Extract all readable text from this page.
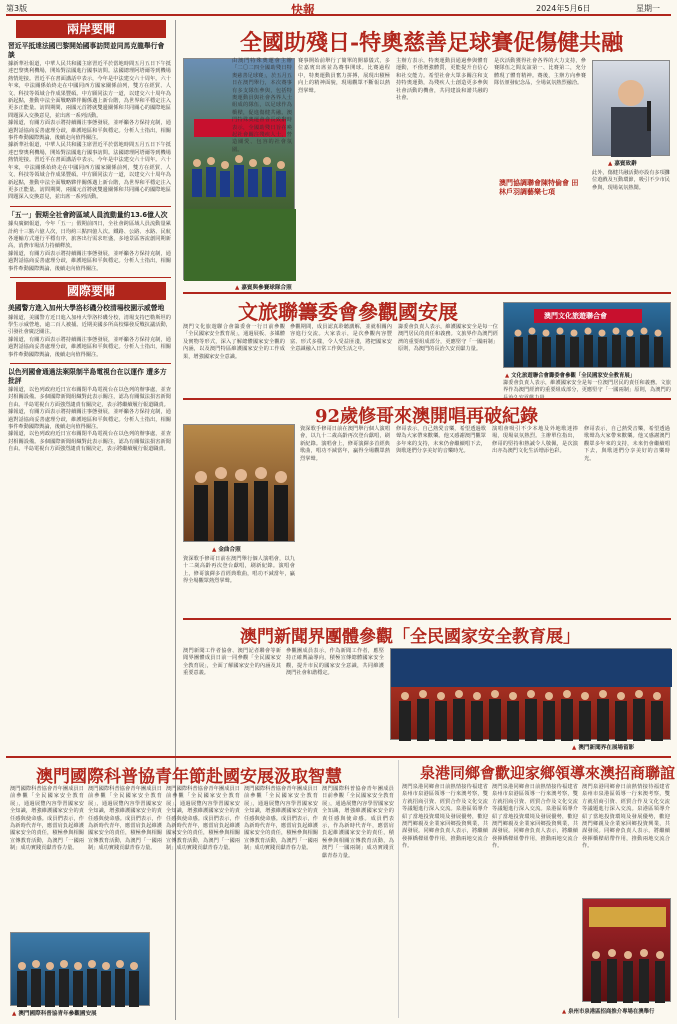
第3版	快報	2024年5月6日	星期一
兩岸要聞
習近平抵達法國巴黎開始國事訪問並同馬克龍舉行會談
據新華社報道，中華人民共和國主席習近平於當地時間五月五日下午抵達巴黎奧利機場，開始對法國進行國事訪問。法國總理阿塔爾等到機場熱情迎接。習近平在書面講話中表示，今年是中法建交六十周年。六十年來，中法關係始終走在中國同西方國家關係前列，雙方在經貿、人文、科技等領域合作成果豐碩。中方願同法方一道，以建交六十周年為新起點，推動中法全面戰略夥伴關係邁上新台階，為世界和平穩定注入更多正能量。訪問期間，兩國元首將就雙邊關係和共同關心的國際地區問題深入交換意見，並出席一系列活動。
據報道，有關方面表示將持續關注事態發展，並呼籲各方保持克制，通過對話協商妥善處理分歧，維護地區和平與穩定。分析人士指出，相關事件牽動國際輿論，後續走向值得關注。
據新華社報道，中華人民共和國主席習近平於當地時間五月五日下午抵達巴黎奧利機場，開始對法國進行國事訪問。法國總理阿塔爾等到機場熱情迎接。習近平在書面講話中表示，今年是中法建交六十周年。六十年來，中法關係始終走在中國同西方國家關係前列，雙方在經貿、人文、科技等領域合作成果豐碩。中方願同法方一道，以建交六十周年為新起點，推動中法全面戰略夥伴關係邁上新台階，為世界和平穩定注入更多正能量。訪問期間，兩國元首將就雙邊關係和共同關心的國際地區問題深入交換意見，並出席一系列活動。
「五一」假期全社會跨區域人員流動量約13.6億人次
據央廣網報道，今年「五一」假期前四日，全社會跨區域人員流動量累計約十三點六億人次，日均約三點四億人次。鐵路、公路、水路、民航各運輸方式運行平穩有序，旅客出行需求旺盛，多地景區客流創同期新高，消費市場活力持續釋放。
據報道，有關方面表示將持續關注事態發展，並呼籲各方保持克制，通過對話協商妥善處理分歧，維護地區和平與穩定。分析人士指出，相關事件牽動國際輿論，後續走向值得關注。
國際要聞
美國警方進入加州大學洛杉磯分校清場校園示威營地
據報道，美國警方近日進入加州大學洛杉磯分校，清場支持巴勒斯坦的學生示威營地，逾二百人被捕。近期美國多所高校爆發反戰抗議活動，引發社會廣泛關注。
據報道，有關方面表示將持續關注事態發展，並呼籲各方保持克制，通過對話協商妥善處理分歧，維護地區和平與穩定。分析人士指出，相關事件牽動國際輿論，後續走向值得關注。
以色列國會通過法案限制半島電視台在以運作 遭多方批評
據報道，以色列政府近日宣布關閉半島電視台在以色列的辦事處，並查封相關設備。多個國際新聞組織對此表示關注，認為有關做法損害新聞自由。半島電視台方面強烈譴責有關決定，表示將繼續履行報道職責。
據報道，有關方面表示將持續關注事態發展，並呼籲各方保持克制，通過對話協商妥善處理分歧，維護地區和平與穩定。分析人士指出，相關事件牽動國際輿論，後續走向值得關注。
據報道，以色列政府近日宣布關閉半島電視台在以色列的辦事處，並查封相關設備。多個國際新聞組織對此表示關注，認為有關做法損害新聞自由。半島電視台方面強烈譴責有關決定，表示將繼續履行報道職責。
全國助殘日-特奧慈善足球賽促傷健共融
▲ 嘉賓與參賽球隊合照
由澳門特殊奧運會主辦「二〇二四全國助殘日特奧慈善足球賽」，於五月五日在澳門舉行，本次賽事有多支隊伍參與，包括特奧運動員與社會各界人士組成的隊伍，以足球作為橋樑，促進傷健共融。澳門特殊奧運會會長致辭時表示，全國助殘日旨在喚起社會關注殘疾人士，營造關愛、包容的社會氛圍。
賽事開始前舉行了簡單的開幕儀式，多位嘉賓出席並為賽事開球。比賽過程中，特奧運動員奮力拼搏，展現出積極向上的精神面貌，現場觀眾不斷報以熱烈掌聲。
主辦方表示，特奧運動員通過參與體育運動，不僅增強體質，更能提升自信心和社交能力。希望社會大眾多關注和支持特奧運動，為殘疾人士創造更多參與社會活動的機會，共同建設和諧共融的社會。
是次活動獲得社會各界的大力支持，參賽隊伍之間友誼第一、比賽第二，充分體現了體育精神。賽後，主辦方向參賽隊伍頒發紀念品，全場氣氛熱烈融洽。
▲ 嘉賓致辭
澳門協調聯會陳特倫會 田林戶羽調藝樂七項
此外，傷健共融活動亦設有多項攤位遊戲及互動環節，吸引不少市民參與，現場氣氛熱鬧。
文旅聯籌委會參觀國安展
澳門文化旅遊聯合會籌委會一行日前參觀「全民國家安全教育展」，通過展板、多媒體及實物等形式，深入了解總體國家安全觀的內涵，以及澳門特區維護國家安全的工作成果，增強國家安全意識。
參觀期間，成員認真聆聽講解，並就相關內容進行交流。大家表示，是次參觀內容豐富、形式多樣，令人受益匪淺，將把國家安全意識融入日常工作與生活之中。
籌委會負責人表示，維護國家安全是每一位澳門居民的責任和義務。文旅界作為澳門經濟的重要組成部分，更應堅守「一國兩制」原則，為澳門的長治久安貢獻力量。
澳門文化旅遊聯合會
▲ 文化旅遊聯合會籌委會參觀「全民國家安全教育展」
籌委會負責人表示，維護國家安全是每一位澳門居民的責任和義務。文旅界作為澳門經濟的重要組成部分，更應堅守「一國兩制」原則，為澳門的長治久安貢獻力量。
92歲修哥來澳開唱再破紀錄
▲ 金曲合照
資深歌手修哥日前在澳門舉行個人演唱會，以九十二歲高齡再次登台獻唱，刷新紀錄。演唱會上，修哥演繹多首經典歌曲，唱功不減當年，贏得全場觀眾熱烈掌聲。
資深歌手修哥日前在澳門舉行個人演唱會，以九十二歲高齡再次登台獻唱，刷新紀錄。演唱會上，修哥演繹多首經典歌曲，唱功不減當年，贏得全場觀眾熱烈掌聲。
修哥表示，自己熱愛音樂，希望透過歌聲為大家帶來歡樂。他又感謝澳門觀眾多年來的支持，未來仍會繼續唱下去，與歌迷們分享美好的音樂時光。
演唱會吸引不少本地及外地歌迷捧場，現場氣氛熱烈。主辦單位指出，修哥的堅持和熱誠令人敬佩，是次演出亦為澳門文化生活增添色彩。
修哥表示，自己熱愛音樂，希望透過歌聲為大家帶來歡樂。他又感謝澳門觀眾多年來的支持，未來仍會繼續唱下去，與歌迷們分享美好的音樂時光。
澳門新聞界團體參觀「全民國家安全教育展」
澳門新聞工作者協會、澳門記者聯會等新聞界團體成員日前一同參觀「全民國家安全教育展」，全面了解國家安全的內涵及其重要意義。
參觀團成員表示，作為新聞工作者，應堅持正確輿論導向，積極宣傳總體國家安全觀，提升市民的國家安全意識，共同維護澳門社會和諧穩定。
▲ 澳門新聞界在展場留影
澳門國際科普協青年節赴國安展汲取智慧
澳門國際科普協會青年團成員日前參觀「全民國家安全教育展」，通過展覽內容學習國家安全知識，增強維護國家安全的責任感與使命感。成員們表示，作為新時代青年，應當肩負起維護國家安全的責任，積極參與相關宣傳教育活動，為澳門「一國兩制」成功實踐貢獻青春力量。
澳門國際科普協會青年團成員日前參觀「全民國家安全教育展」，通過展覽內容學習國家安全知識，增強維護國家安全的責任感與使命感。成員們表示，作為新時代青年，應當肩負起維護國家安全的責任，積極參與相關宣傳教育活動，為澳門「一國兩制」成功實踐貢獻青春力量。
澳門國際科普協會青年團成員日前參觀「全民國家安全教育展」，通過展覽內容學習國家安全知識，增強維護國家安全的責任感與使命感。成員們表示，作為新時代青年，應當肩負起維護國家安全的責任，積極參與相關宣傳教育活動，為澳門「一國兩制」成功實踐貢獻青春力量。
澳門國際科普協會青年團成員日前參觀「全民國家安全教育展」，通過展覽內容學習國家安全知識，增強維護國家安全的責任感與使命感。成員們表示，作為新時代青年，應當肩負起維護國家安全的責任，積極參與相關宣傳教育活動，為澳門「一國兩制」成功實踐貢獻青春力量。
澳門國際科普協會青年團成員日前參觀「全民國家安全教育展」，通過展覽內容學習國家安全知識，增強維護國家安全的責任感與使命感。成員們表示，作為新時代青年，應當肩負起維護國家安全的責任，積極參與相關宣傳教育活動，為澳門「一國兩制」成功實踐貢獻青春力量。
▲ 澳門國際科普協青年參觀國安展
泉港同鄉會歡迎家鄉領導來澳招商聯誼
澳門泉港同鄉會日前熱情接待福建省泉州市泉港區領導一行來澳考察，雙方就招商引資、經貿合作及文化交流等議題進行深入交流。泉港區領導介紹了當地投資環境及發展優勢，歡迎澳門鄉親及企業家回鄉投資興業，共謀發展。同鄉會負責人表示，將繼續發揮橋樑紐帶作用，推動兩地交流合作。
澳門泉港同鄉會日前熱情接待福建省泉州市泉港區領導一行來澳考察，雙方就招商引資、經貿合作及文化交流等議題進行深入交流。泉港區領導介紹了當地投資環境及發展優勢，歡迎澳門鄉親及企業家回鄉投資興業，共謀發展。同鄉會負責人表示，將繼續發揮橋樑紐帶作用，推動兩地交流合作。
澳門泉港同鄉會日前熱情接待福建省泉州市泉港區領導一行來澳考察，雙方就招商引資、經貿合作及文化交流等議題進行深入交流。泉港區領導介紹了當地投資環境及發展優勢，歡迎澳門鄉親及企業家回鄉投資興業，共謀發展。同鄉會負責人表示，將繼續發揮橋樑紐帶作用，推動兩地交流合作。
▲ 泉州市泉港區招商推介專場在澳舉行
